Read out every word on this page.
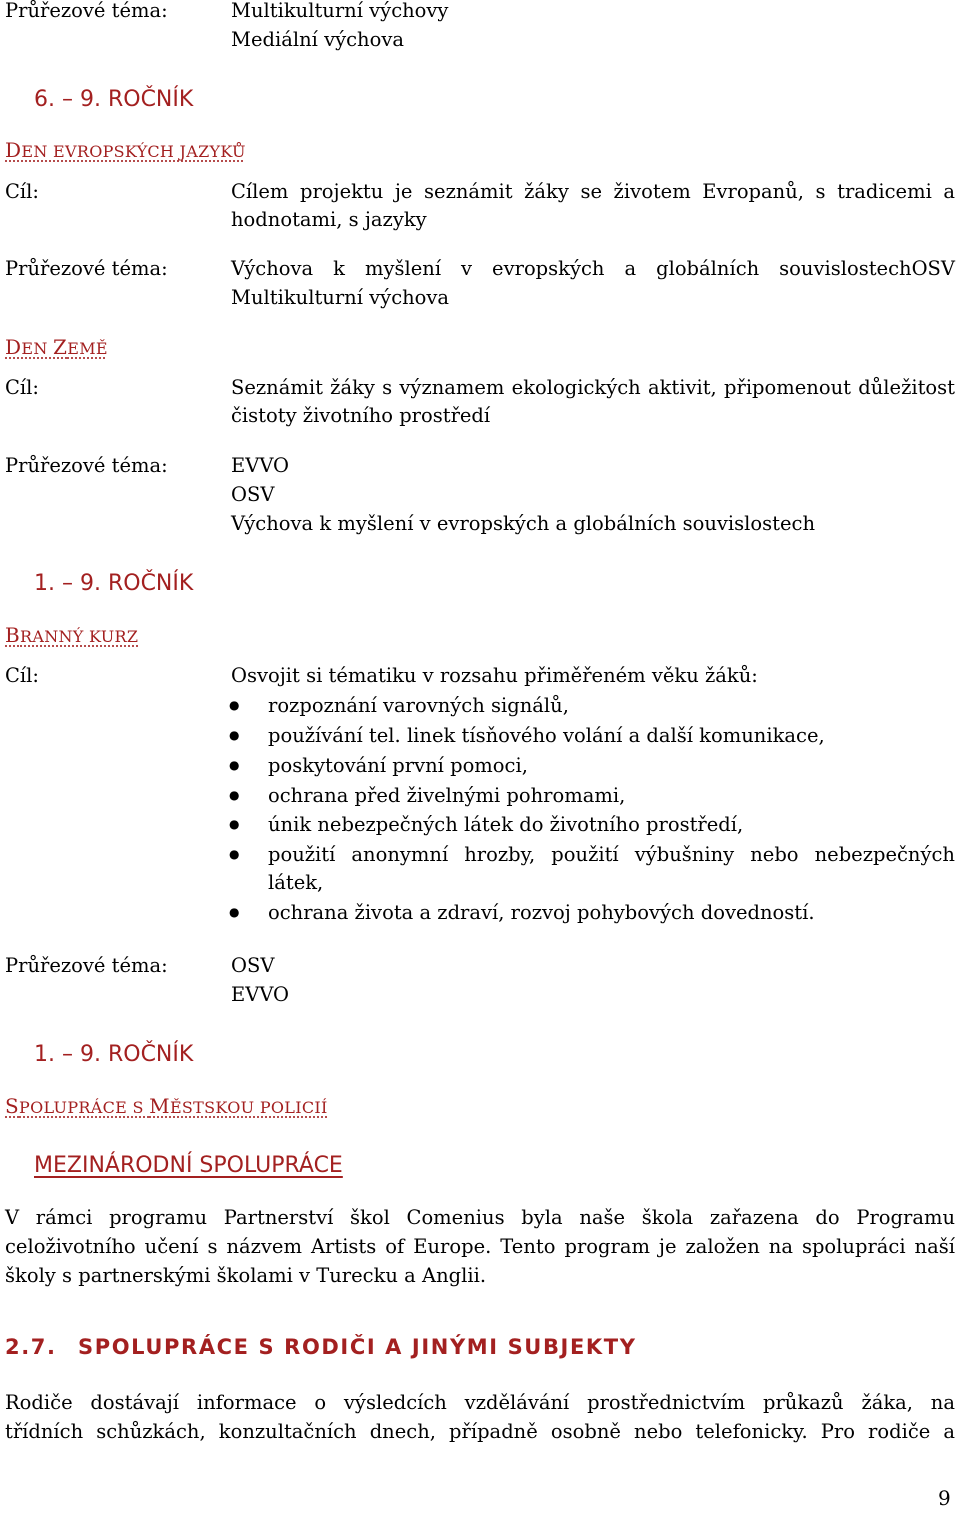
Průřezové téma:	Multikulturní výchovy
Mediální výchova
6. – 9. ROČNÍK
DEN EVROPSKÝCH JAZYKŮ
Cíl:	Cílem projektu je seznámit žáky se životem Evropanů, s tradicemi a
hodnotami, s jazyky
Průřezové téma:	Výchova k myšlení v evropských a globálních souvislostechOSV
Multikulturní výchova
DEN ZEMĚ
Cíl:	Seznámit žáky s významem ekologických aktivit, připomenout důležitost
čistoty životního prostředí
Průřezové téma:	EVVO
OSV
Výchova k myšlení v evropských a globálních souvislostech
1. – 9. ROČNÍK
BRANNÝ KURZ
Cíl:	Osvojit si tématiku v rozsahu přiměřeném věku žáků:
● rozpoznání varovných signálů,
● používání tel. linek tísňového volání a další komunikace,
● poskytování první pomoci,
● ochrana před živelnými pohromami,
● únik nebezpečných látek do životního prostředí,
● použití anonymní hrozby, použití výbušniny nebo nebezpečných
látek,
● ochrana života a zdraví, rozvoj pohybových dovedností.
Průřezové téma:	OSV
EVVO
1. – 9. ROČNÍK
SPOLUPRÁCE S MĚSTSKOU POLICIÍ
MEZINÁRODNÍ SPOLUPRÁCE
V rámci programu Partnerství škol Comenius byla naše škola zařazena do Programu
celoživotního učení s názvem Artists of Europe. Tento program je založen na spolupráci naší
školy s partnerskými školami v Turecku a Anglii.
2.7. SPOLUPRÁCE S RODIČI A JINÝMI SUBJEKTY
Rodiče dostávají informace o výsledcích vzdělávání prostřednictvím průkazů žáka, na
třídních schůzkách, konzultačních dnech, případně osobně nebo telefonicky. Pro rodiče a
9
